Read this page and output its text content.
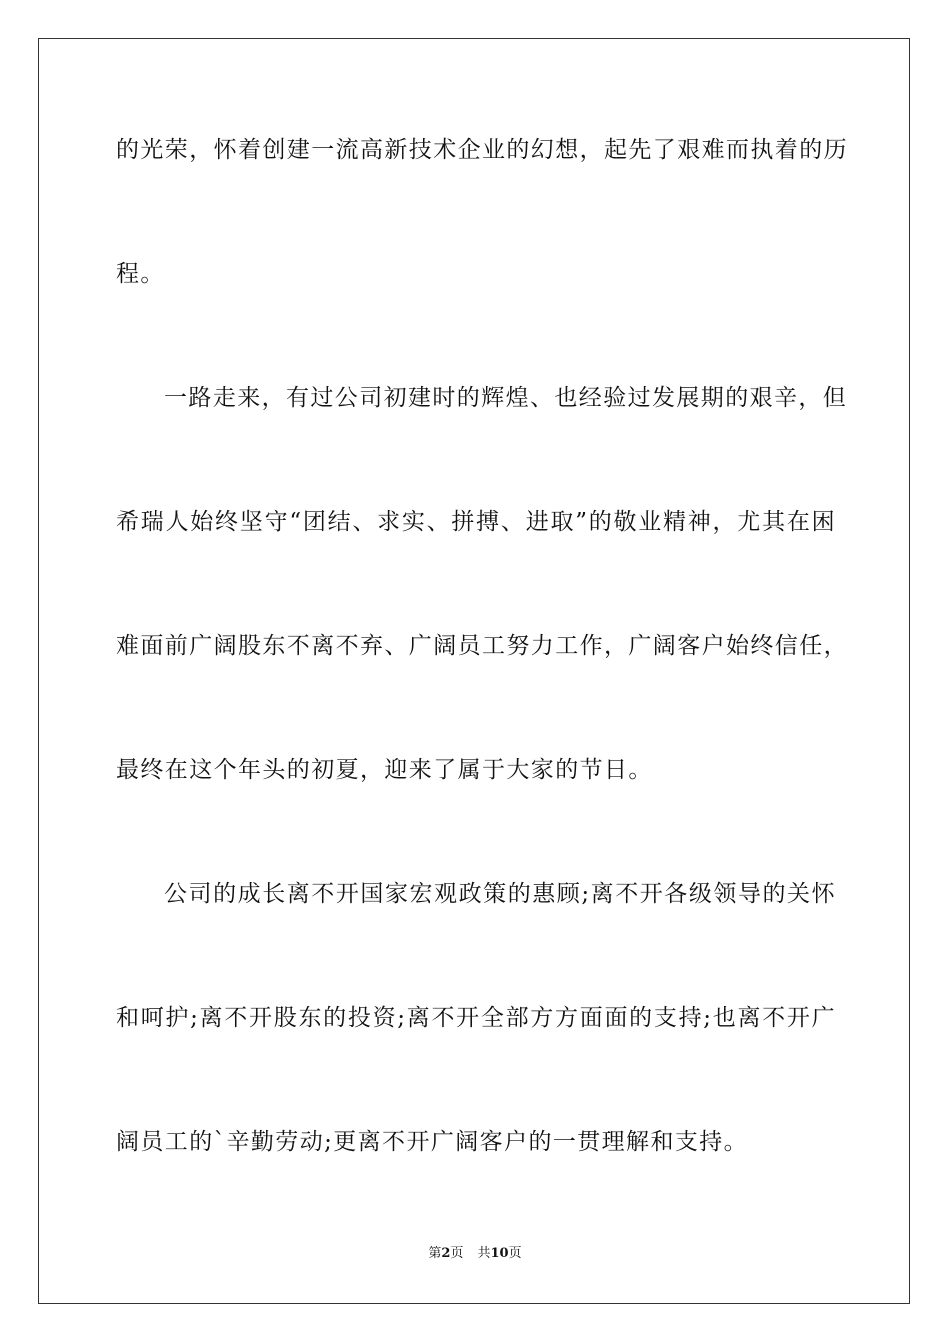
的光荣，怀着创建一流高新技术企业的幻想，起先了艰难而执着的历
程。
一路走来，有过公司初建时的辉煌、也经验过发展期的艰辛，但
希瑞人始终坚守“团结、求实、拼搏、进取”的敬业精神，尤其在困
难面前广阔股东不离不弃、广阔员工努力工作，广阔客户始终信任，
最终在这个年头的初夏，迎来了属于大家的节日。
公司的成长离不开国家宏观政策的惠顾;离不开各级领导的关怀
和呵护;离不开股东的投资;离不开全部方方面面的支持;也离不开广
阔员工的`辛勤劳动;更离不开广阔客户的一贯理解和支持。
第2页 共10页
